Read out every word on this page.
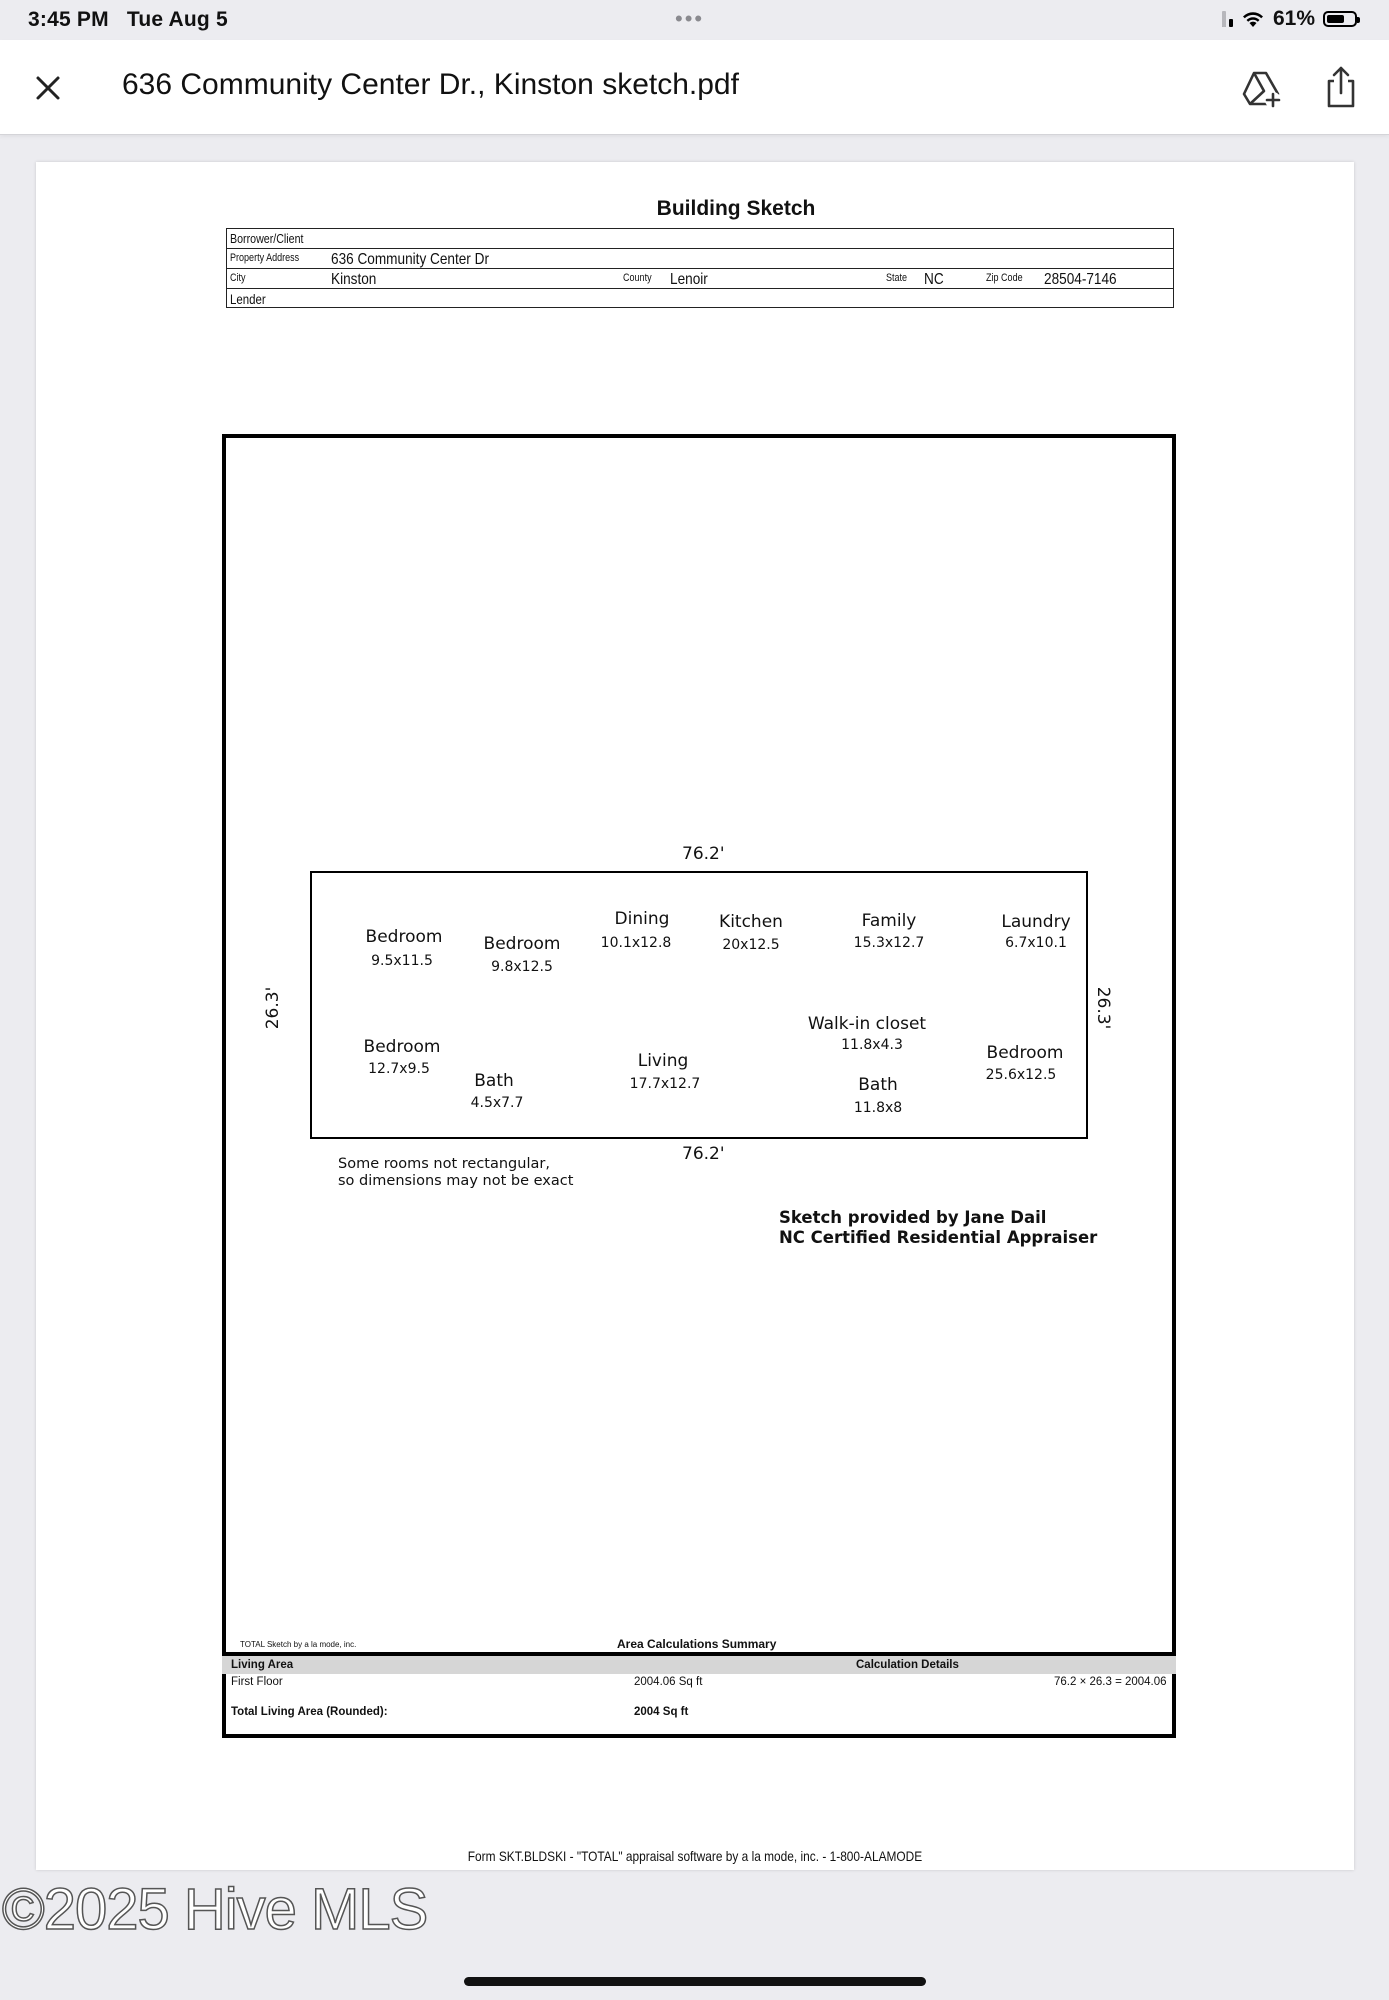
3:45 PM Tue Aug 5	•••	61%
636 Community Center Dr., Kinston sketch.pdf
Building Sketch
Borrower/Client
Property Address 636 Community Center Dr
City	Kinston	County Lenoir	State NC	Zip Code 28504-7146
Lender
76.2'
76.2'
26.3'	26.3'
Bedroom
9.5x11.5
Bedroom
9.8x12.5
Dining
10.1x12.8
Kitchen
20x12.5
Family
15.3x12.7
Laundry
6.7x10.1
Bedroom
12.7x9.5
Bath
4.5x7.7
Living
17.7x12.7
Walk-in closet
11.8x4.3
Bath
11.8x8
Bedroom
25.6x12.5
Some rooms not rectangular,
so dimensions may not be exact
Sketch provided by Jane Dail
NC Certified Residential Appraiser
TOTAL Sketch by a la mode, inc.	Area Calculations Summary
Living Area	Calculation Details
First Floor	2004.06 Sq ft	76.2 × 26.3 = 2004.06
Total Living Area (Rounded):	2004 Sq ft
Form SKT.BLDSKI - "TOTAL" appraisal software by a la mode, inc. - 1-800-ALAMODE
©2025 Hive MLS
